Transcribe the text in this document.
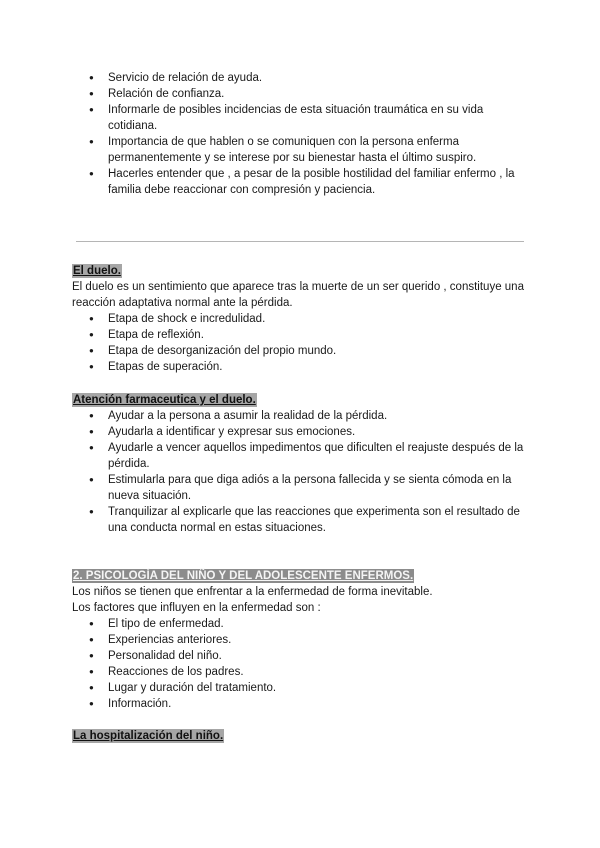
● Servicio de relación de ayuda.
● Relación de confianza.
● Informarle de posibles incidencias de esta situación traumática en su vida cotidiana.
● Importancia de que hablen o se comuniquen con la persona enferma permanentemente y se interese por su bienestar hasta el último suspiro.
● Hacerles entender que , a pesar de la posible hostilidad del familiar enfermo , la familia debe reaccionar con compresión y paciencia.
El duelo.

El duelo es un sentimiento que aparece tras la muerte de un ser querido , constituye una reacción adaptativa normal ante la pérdida.

● Etapa de shock e incredulidad.
● Etapa de reflexión.
● Etapa de desorganización del propio mundo.
● Etapas de superación.
Atención farmaceutica y el duelo.
● Ayudar a la persona a asumir la realidad de la pérdida.
● Ayudarla a identificar y expresar sus emociones.
● Ayudarle a vencer aquellos impedimentos que dificulten el reajuste después de la pérdida.
● Estimularla para que diga adiós a la persona fallecida y se sienta cómoda en la nueva situación.
● Tranquilizar al explicarle que las reacciones que experimenta son el resultado de una conducta normal en estas situaciones.
2. PSICOLOGÍA DEL NIÑO Y DEL ADOLESCENTE ENFERMOS.

Los niños se tienen que enfrentar a la enfermedad de forma inevitable.

Los factores que influyen en la enfermedad son :

● El tipo de enfermedad.
● Experiencias anteriores.
● Personalidad del niño.
● Reacciones de los padres.
● Lugar y duración del tratamiento.
● Información.
La hospitalización del niño.
